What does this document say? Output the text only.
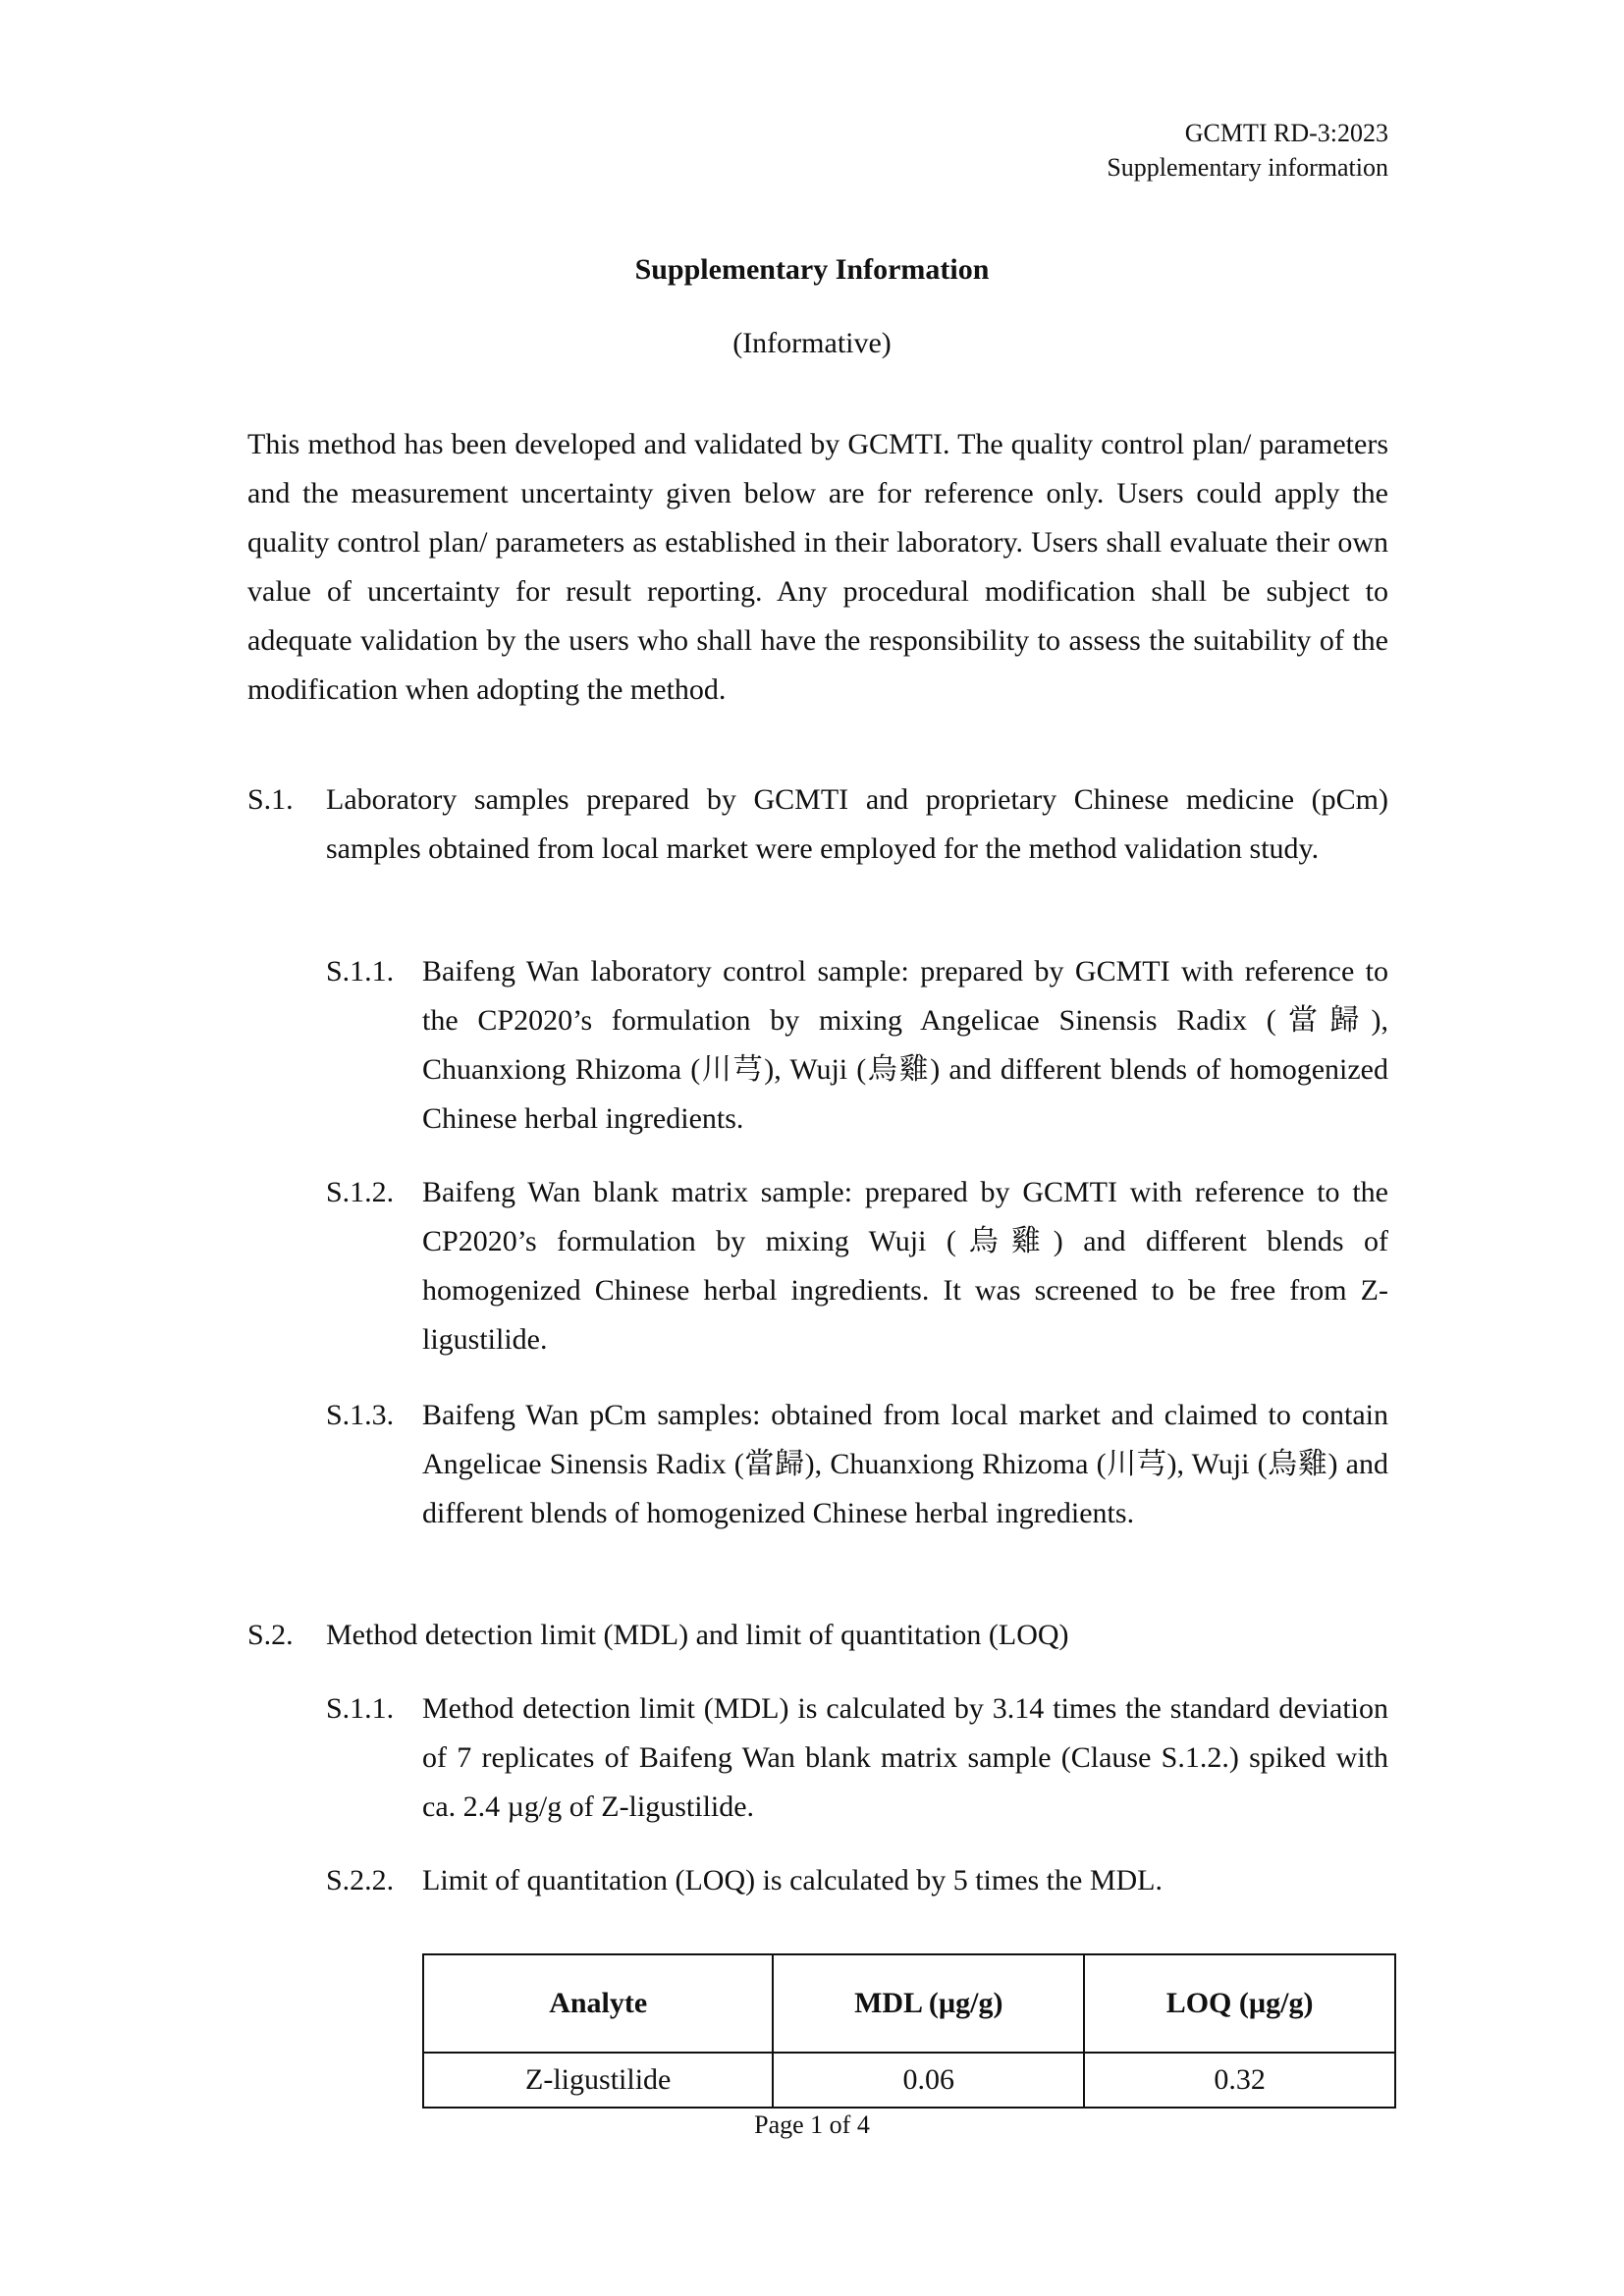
GCMTI RD-3:2023
Supplementary information
Supplementary Information
(Informative)

This method has been developed and validated by GCMTI. The quality control plan/ parameters and the measurement uncertainty given below are for reference only. Users could apply the quality control plan/ parameters as established in their laboratory. Users shall evaluate their own value of uncertainty for result reporting. Any procedural modification shall be subject to adequate validation by the users who shall have the responsibility to assess the suitability of the modification when adopting the method.

S.1. Laboratory samples prepared by GCMTI and proprietary Chinese medicine (pCm) samples obtained from local market were employed for the method validation study.
S.1.1. Baifeng Wan laboratory control sample: prepared by GCMTI with reference to the CP2020’s formulation by mixing Angelicae Sinensis Radix (當歸), Chuanxiong Rhizoma (川芎), Wuji (烏雞) and different blends of homogenized Chinese herbal ingredients.
S.1.2. Baifeng Wan blank matrix sample: prepared by GCMTI with reference to the CP2020’s formulation by mixing Wuji (烏雞) and different blends of homogenized Chinese herbal ingredients. It was screened to be free from Z-ligustilide.
S.1.3. Baifeng Wan pCm samples: obtained from local market and claimed to contain Angelicae Sinensis Radix (當歸), Chuanxiong Rhizoma (川芎), Wuji (烏雞) and different blends of homogenized Chinese herbal ingredients.
S.2. Method detection limit (MDL) and limit of quantitation (LOQ)
S.1.1. Method detection limit (MDL) is calculated by 3.14 times the standard deviation of 7 replicates of Baifeng Wan blank matrix sample (Clause S.1.2.) spiked with ca. 2.4 µg/g of Z-ligustilide.
S.2.2. Limit of quantitation (LOQ) is calculated by 5 times the MDL.
Analyte	MDL (µg/g)	LOQ (µg/g)
Z-ligustilide	0.06	0.32
Page 1 of 4
